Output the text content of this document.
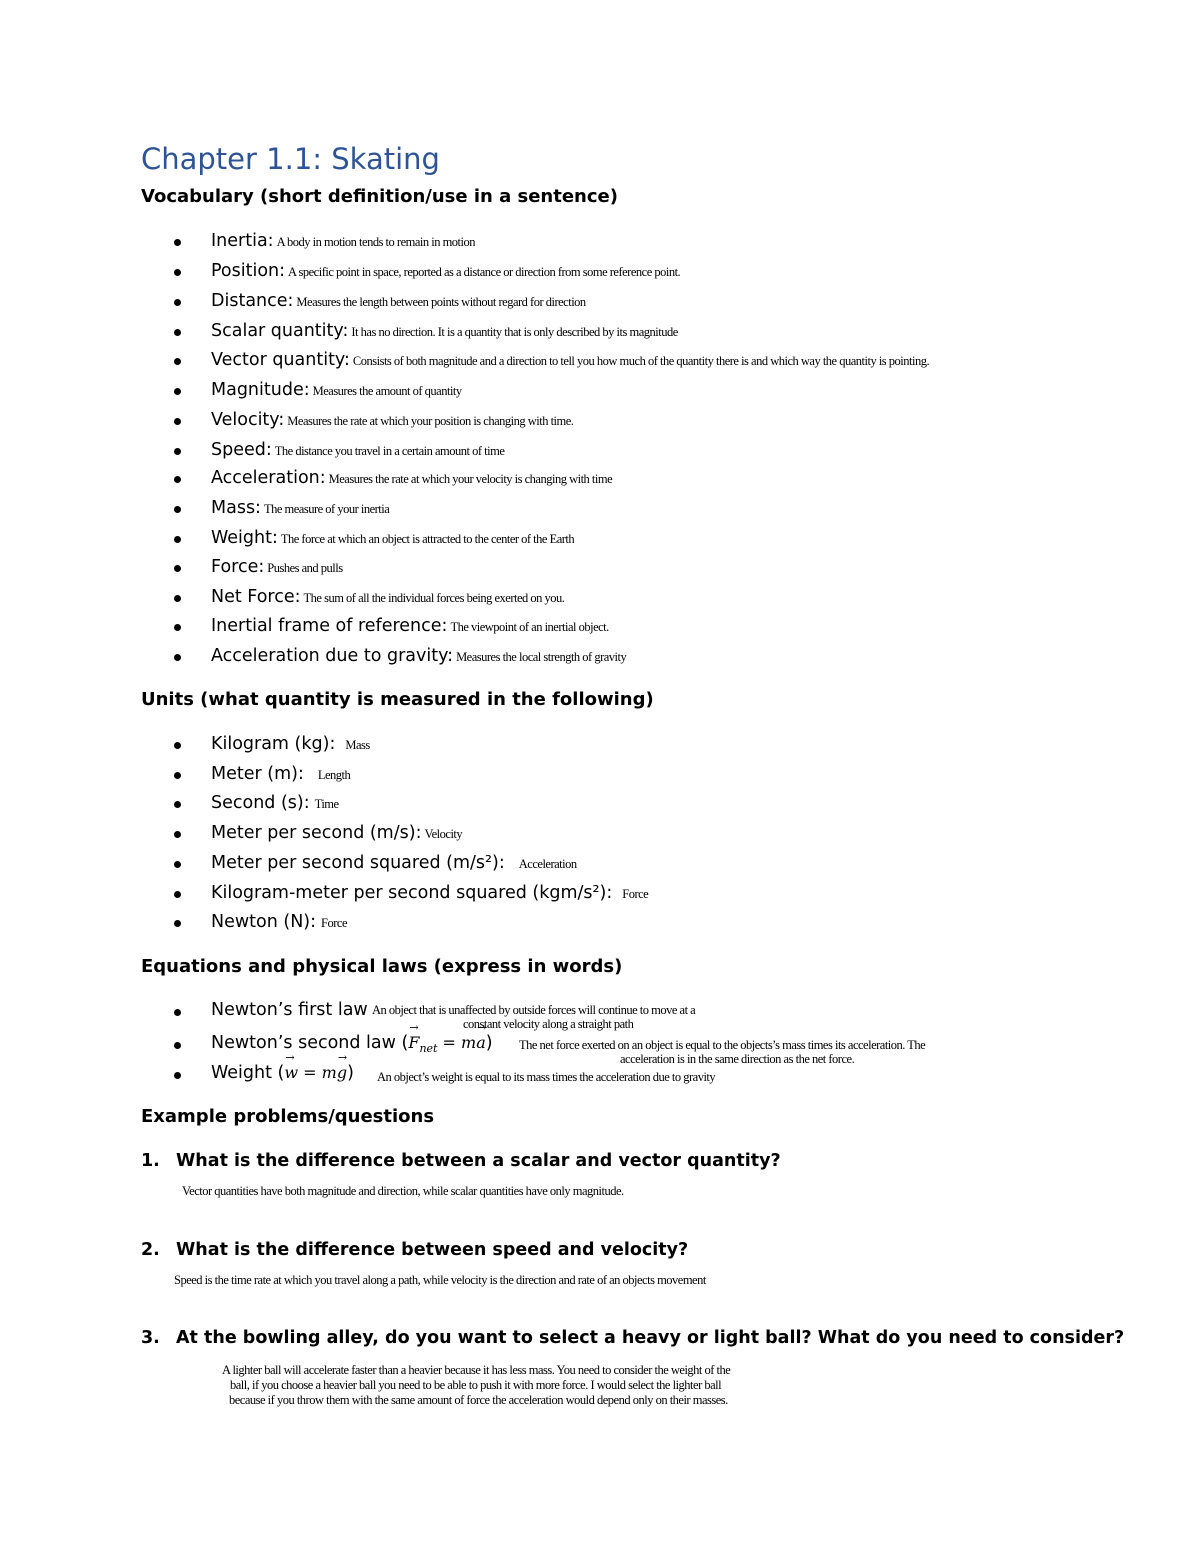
Chapter 1.1: Skating
Vocabulary (short definition/use in a sentence)
Inertia: A body in motion tends to remain in motion
Position: A specific point in space, reported as a distance or direction from some reference point.
Distance: Measures the length between points without regard for direction
Scalar quantity: It has no direction. It is a quantity that is only described by its magnitude
Vector quantity: Consists of both magnitude and a direction to tell you how much of the quantity there is and which way the quantity is pointing.
Magnitude: Measures the amount of quantity
Velocity: Measures the rate at which your position is changing with time.
Speed: The distance you travel in a certain amount of time
Acceleration: Measures the rate at which your velocity is changing with time
Mass: The measure of your inertia
Weight: The force at which an object is attracted to the center of the Earth
Force: Pushes and pulls
Net Force: The sum of all the individual forces being exerted on you.
Inertial frame of reference: The viewpoint of an inertial object.
Acceleration due to gravity: Measures the local strength of gravity
Units (what quantity is measured in the following)
Kilogram (kg): Mass
Meter (m): Length
Second (s): Time
Meter per second (m/s): Velocity
Meter per second squared (m/s²): Acceleration
Kilogram-meter per second squared (kgm/s²): Force
Newton (N): Force
Equations and physical laws (express in words)
Newton’s first law An object that is unaffected by outside forces will continue to move at a
constant velocity along a straight path
Newton’s second law (→ $F_{net} = m\to a$) The net force exerted on an object is equal to the objects’s mass times its acceleration. The
acceleration is in the same direction as the net force.
Weight (→ w = m→ g) An object’s weight is equal to its mass times the acceleration due to gravity
Example problems/questions
1. What is the difference between a scalar and vector quantity?
Vector quantities have both magnitude and direction, while scalar quantities have only magnitude.
2. What is the difference between speed and velocity?
Speed is the time rate at which you travel along a path, while velocity is the direction and rate of an objects movement
3. At the bowling alley, do you want to select a heavy or light ball? What do you need to consider?
A lighter ball will accelerate faster than a heavier because it has less mass. You need to consider the weight of the
ball, if you choose a heavier ball you need to be able to push it with more force. I would select the lighter ball
because if you throw them with the same amount of force the acceleration would depend only on their masses.
